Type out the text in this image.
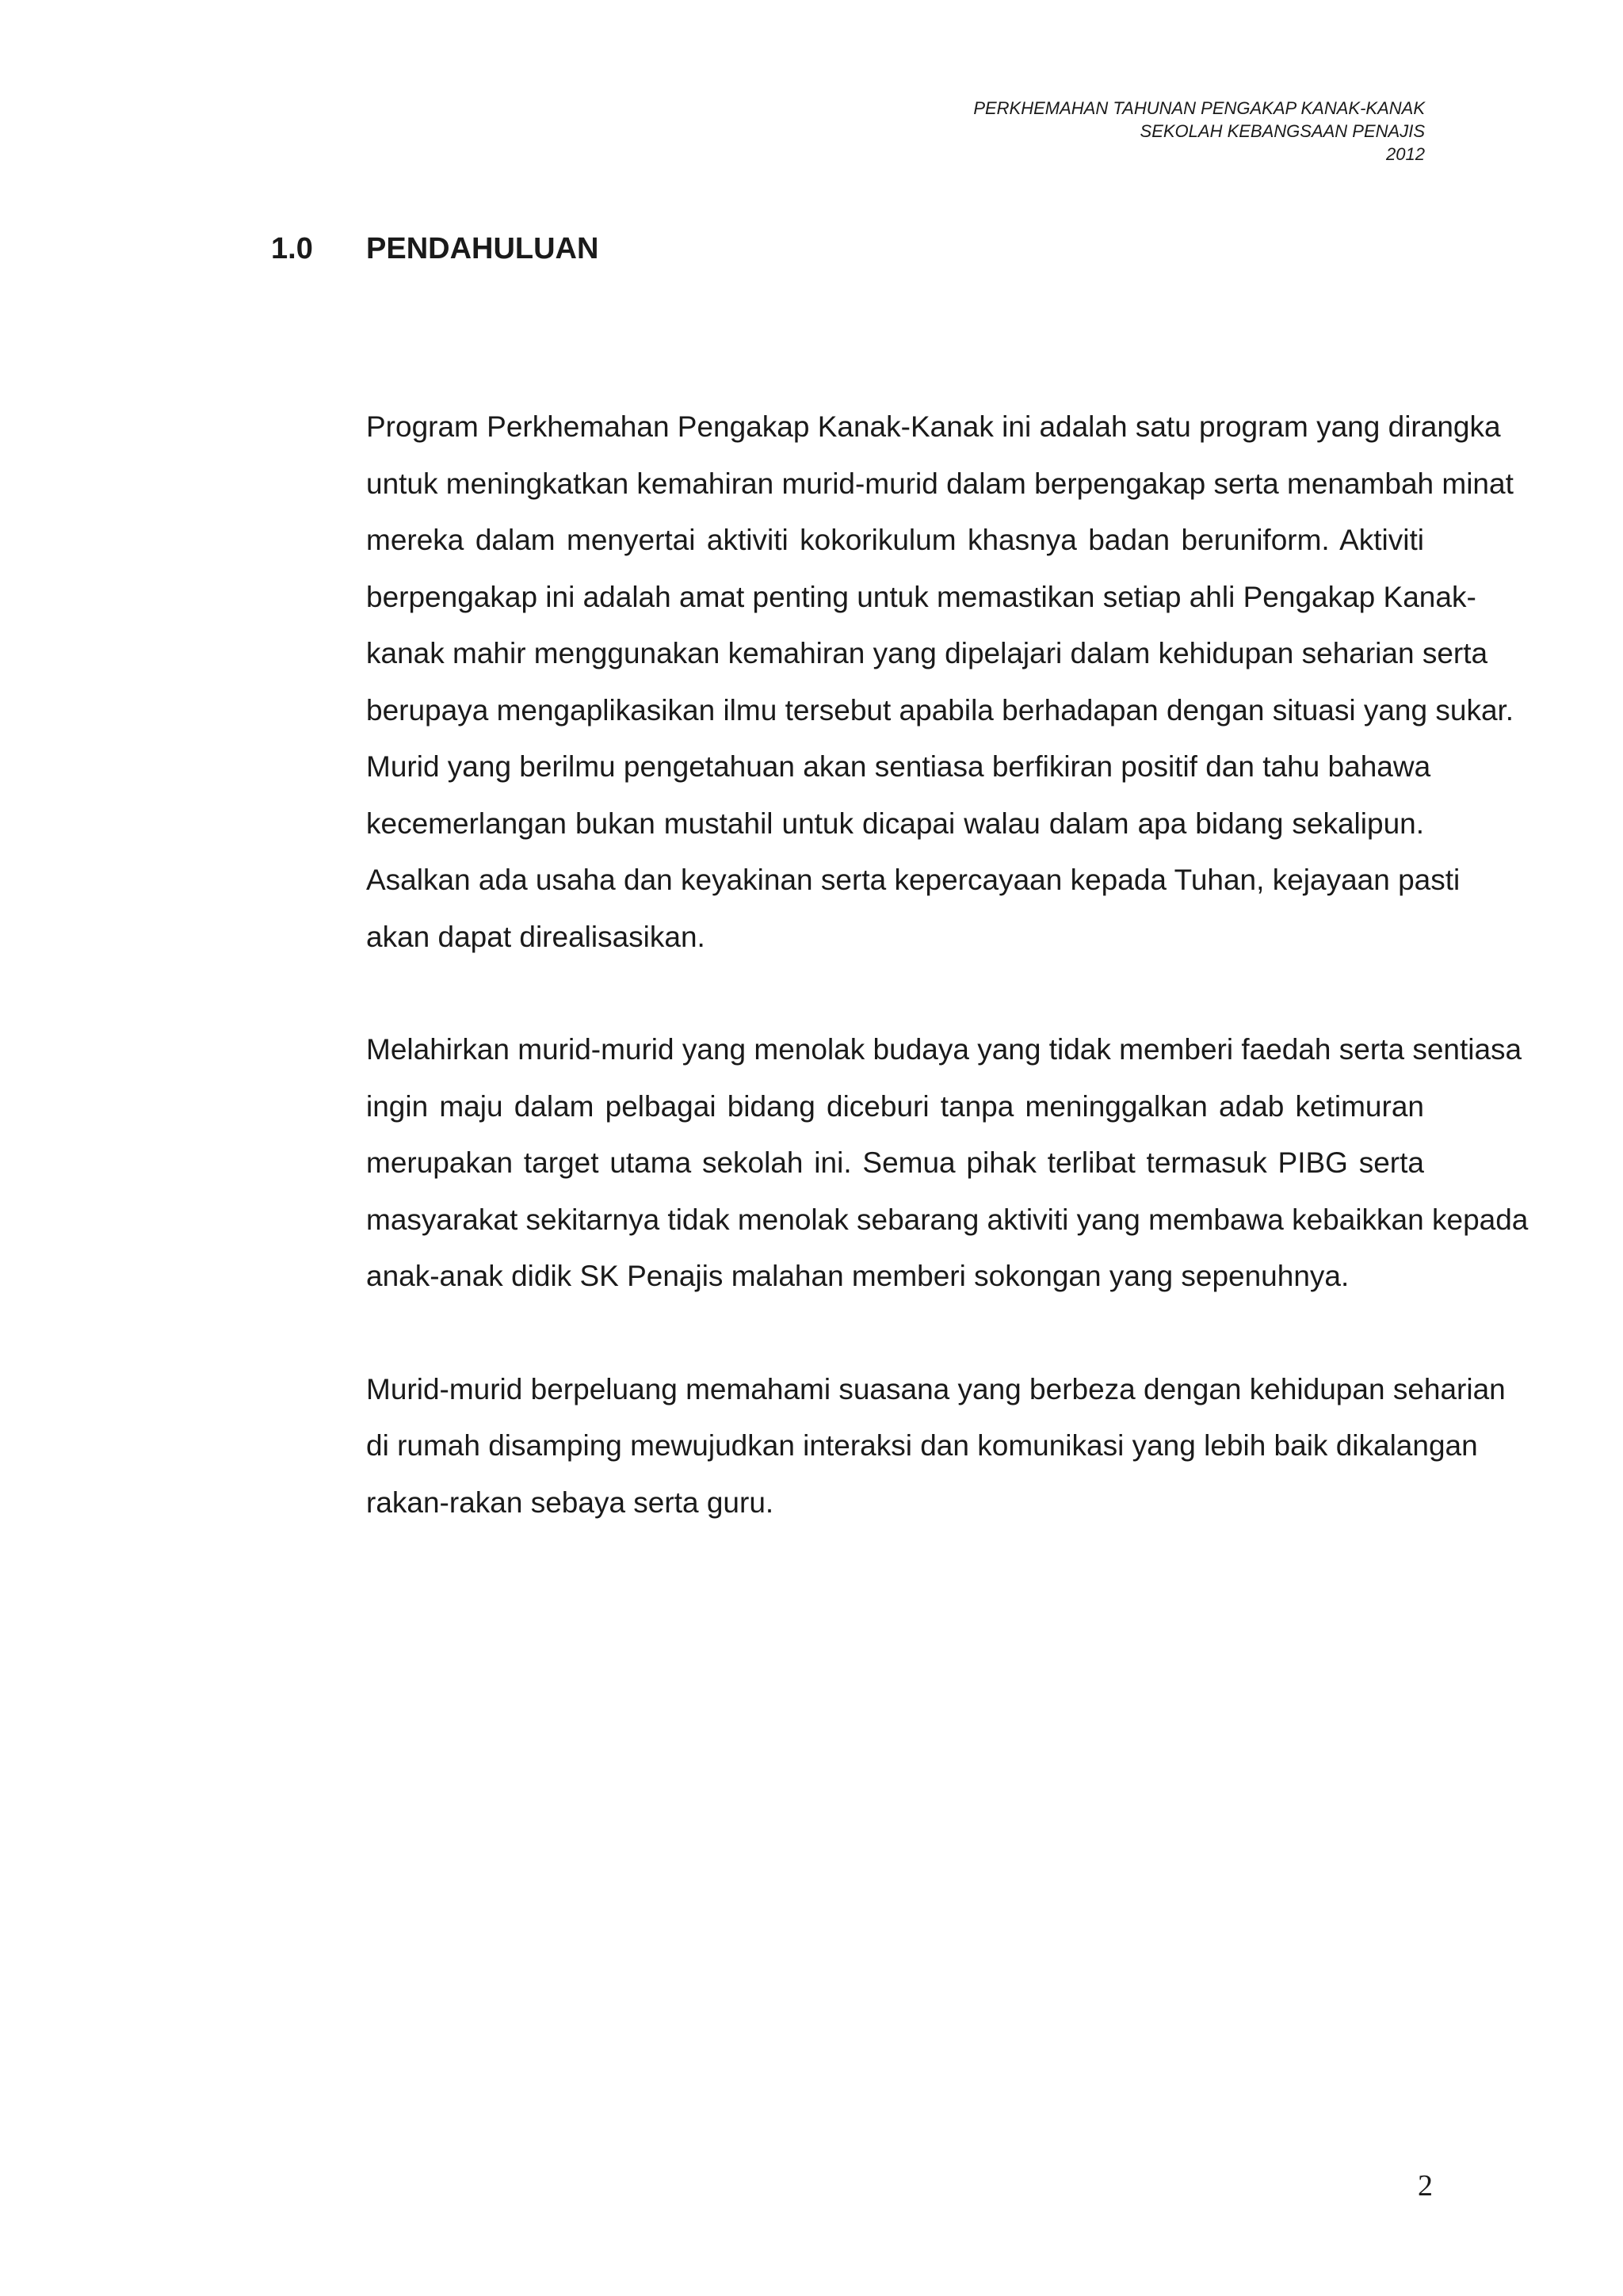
PERKHEMAHAN TAHUNAN PENGAKAP KANAK-KANAK
SEKOLAH KEBANGSAAN PENAJIS
2012
1.0	PENDAHULUAN

Program Perkhemahan Pengakap Kanak-Kanak ini adalah satu program yang dirangka
untuk meningkatkan kemahiran murid-murid dalam berpengakap serta menambah minat
mereka dalam menyertai aktiviti kokorikulum khasnya badan beruniform. Aktiviti
berpengakap ini adalah amat penting untuk memastikan setiap ahli Pengakap Kanak-
kanak mahir menggunakan kemahiran yang dipelajari dalam kehidupan seharian serta
berupaya mengaplikasikan ilmu tersebut apabila berhadapan dengan situasi yang sukar.
Murid yang berilmu pengetahuan akan sentiasa berfikiran positif dan tahu bahawa
kecemerlangan bukan mustahil untuk dicapai walau dalam apa bidang sekalipun.
Asalkan ada usaha dan keyakinan serta kepercayaan kepada Tuhan, kejayaan pasti
akan dapat direalisasikan.

Melahirkan murid-murid yang menolak budaya yang tidak memberi faedah serta sentiasa
ingin maju dalam pelbagai bidang diceburi tanpa meninggalkan adab ketimuran
merupakan target utama sekolah ini. Semua pihak terlibat termasuk PIBG serta
masyarakat sekitarnya tidak menolak sebarang aktiviti yang membawa kebaikkan kepada
anak-anak didik SK Penajis malahan memberi sokongan yang sepenuhnya.

Murid-murid berpeluang memahami suasana yang berbeza dengan kehidupan seharian
di rumah disamping mewujudkan interaksi dan komunikasi yang lebih baik dikalangan
rakan-rakan sebaya serta guru.

2
